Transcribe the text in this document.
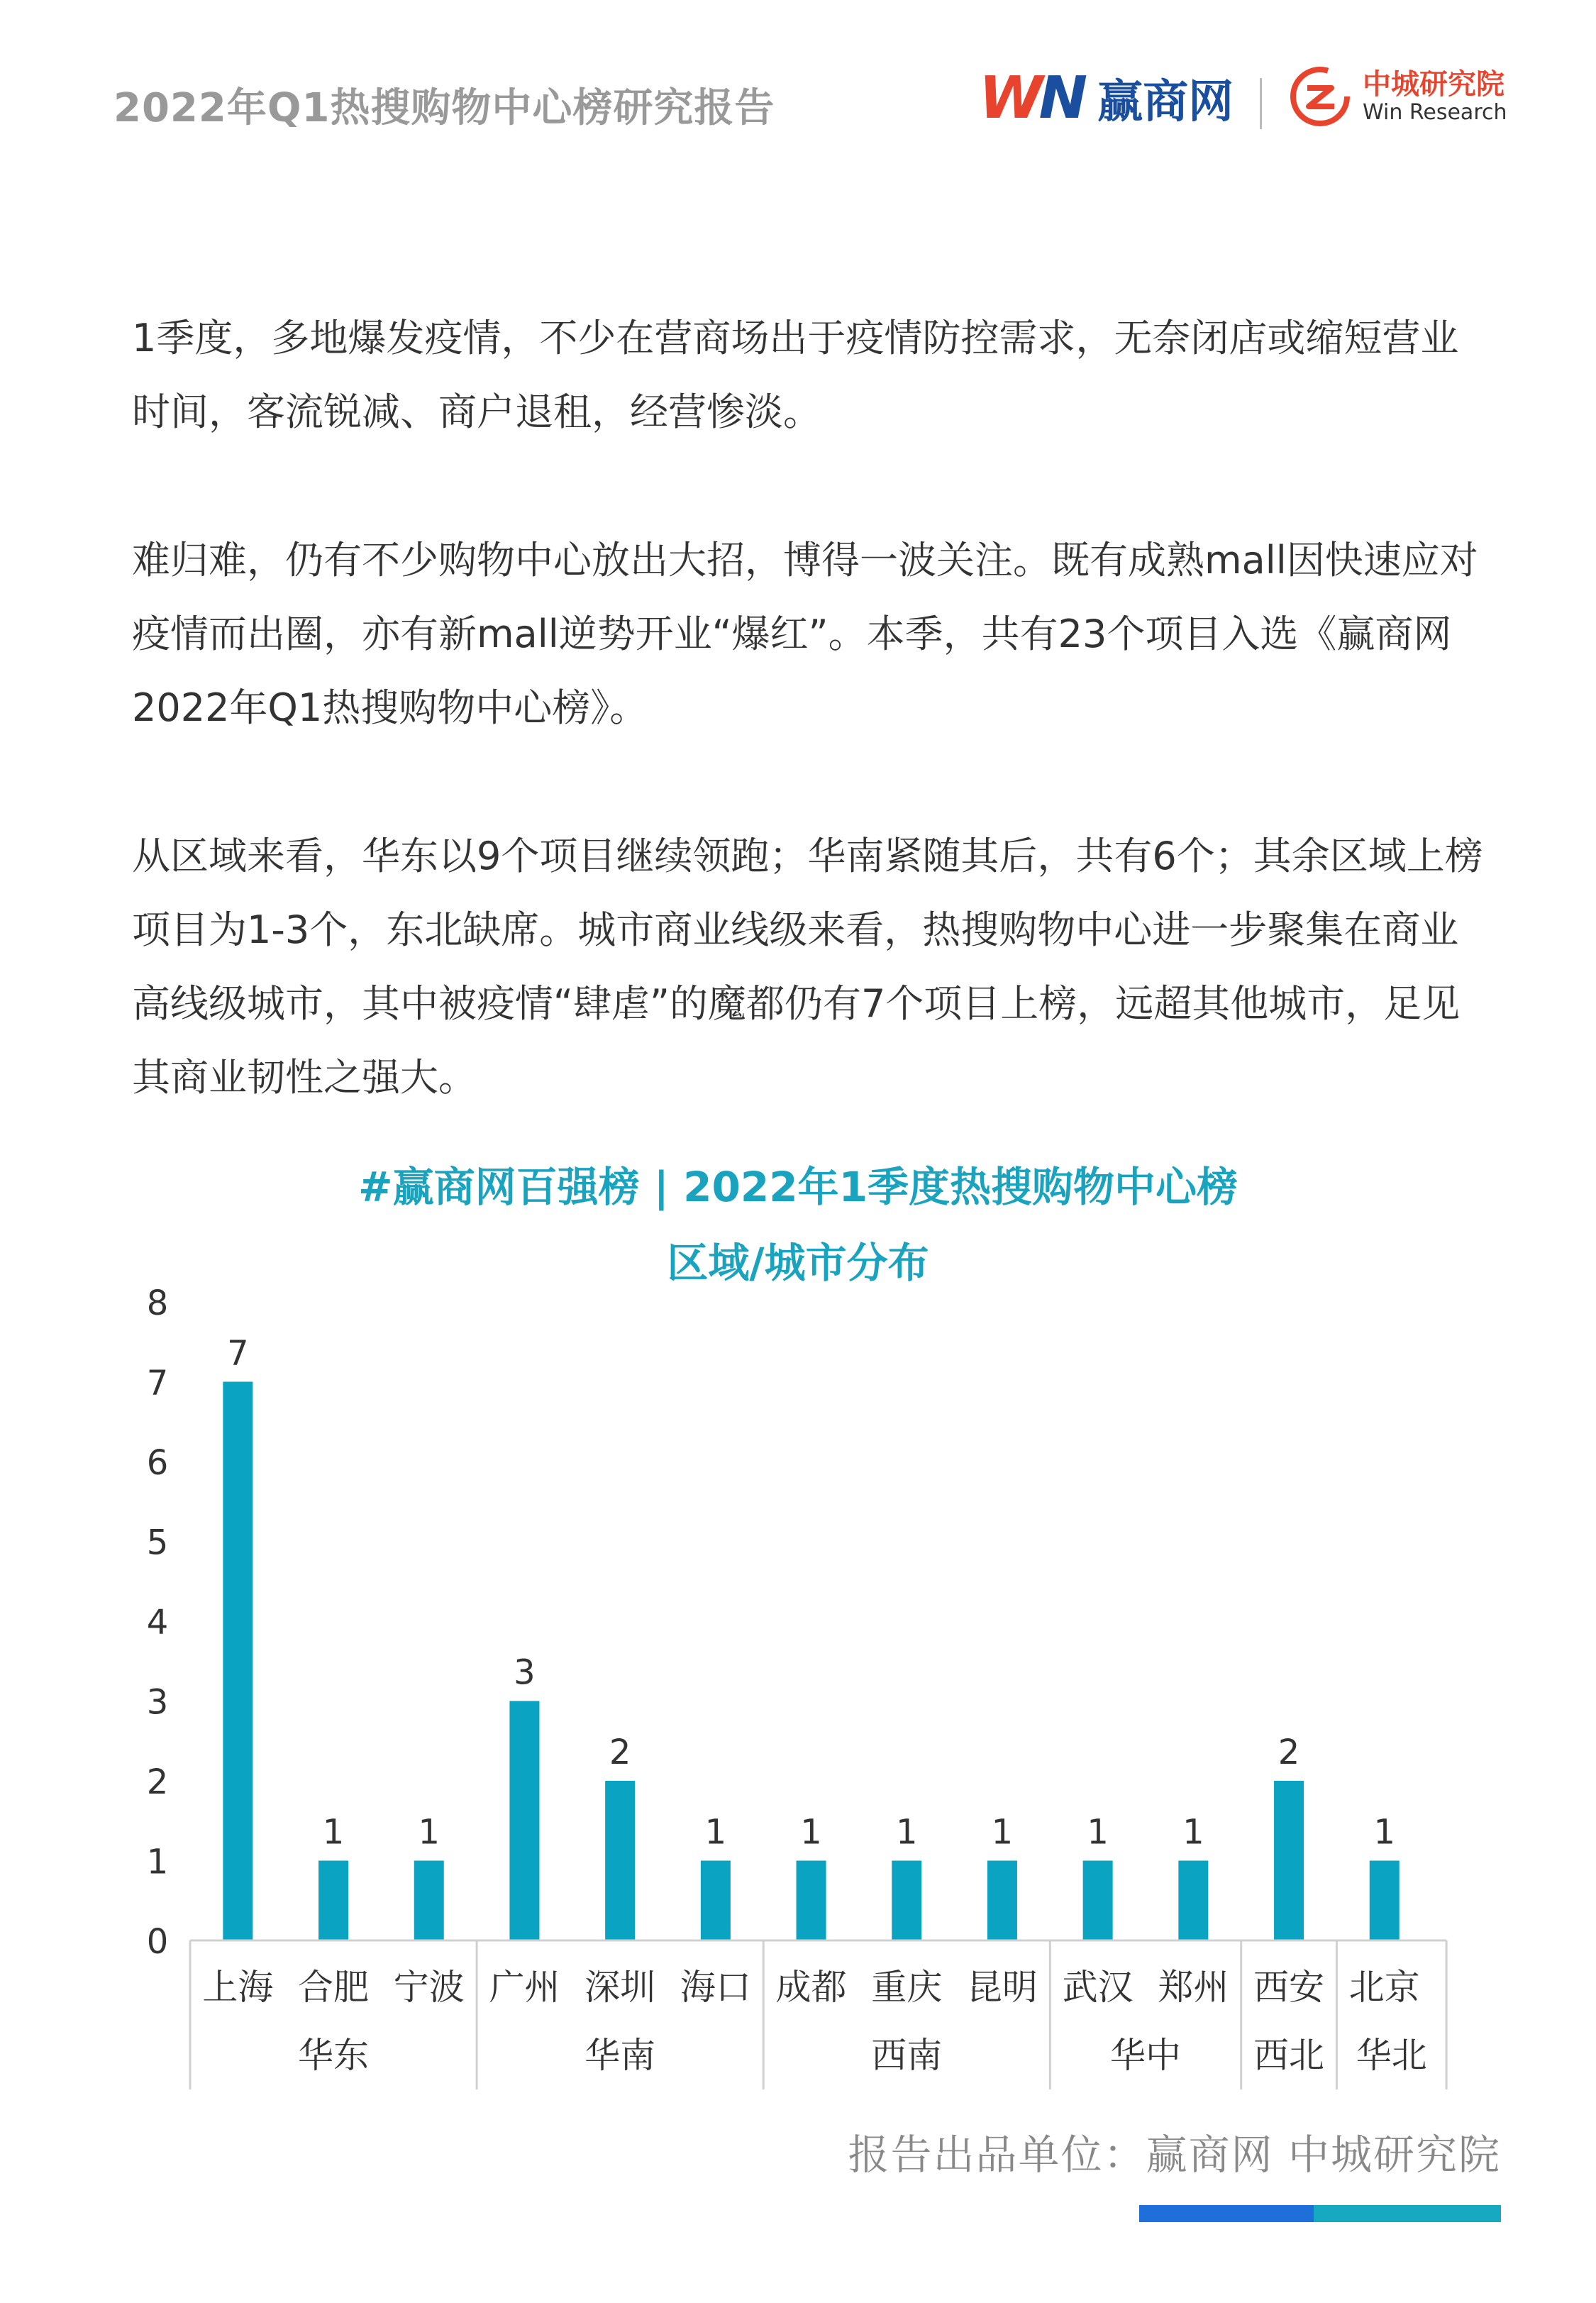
2022年Q1热搜购物中心榜研究报告	W N 赢商网	中城研究院
Win Research

1季度，多地爆发疫情，不少在营商场出于疫情防控需求，无奈闭店或缩短营业时间，客流锐减、商户退租，经营惨淡。

难归难，仍有不少购物中心放出大招，博得一波关注。既有成熟mall因快速应对疫情而出圈，亦有新mall逆势开业“爆红”。本季，共有23个项目入选《赢商网2022年Q1热搜购物中心榜》。

从区域来看，华东以9个项目继续领跑；华南紧随其后，共有6个；其余区域上榜项目为1-3个，东北缺席。城市商业线级来看，热搜购物中心进一步聚集在商业高线级城市，其中被疫情“肆虐”的魔都仍有7个项目上榜，远超其他城市，足见其商业韧性之强大。

#赢商网百强榜 | 2022年1季度热搜购物中心榜

区域/城市分布

0
1
2
3
4
5
6
7
8
7
上海
1
合肥
1
宁波
3
广州
2
深圳
1
海口
1
成都
1
重庆
1
昆明
1
武汉
1
郑州
2
西安
1
北京
华东	华南	西南	华中 西北 华北
报告出品单位：赢商网 中城研究院
